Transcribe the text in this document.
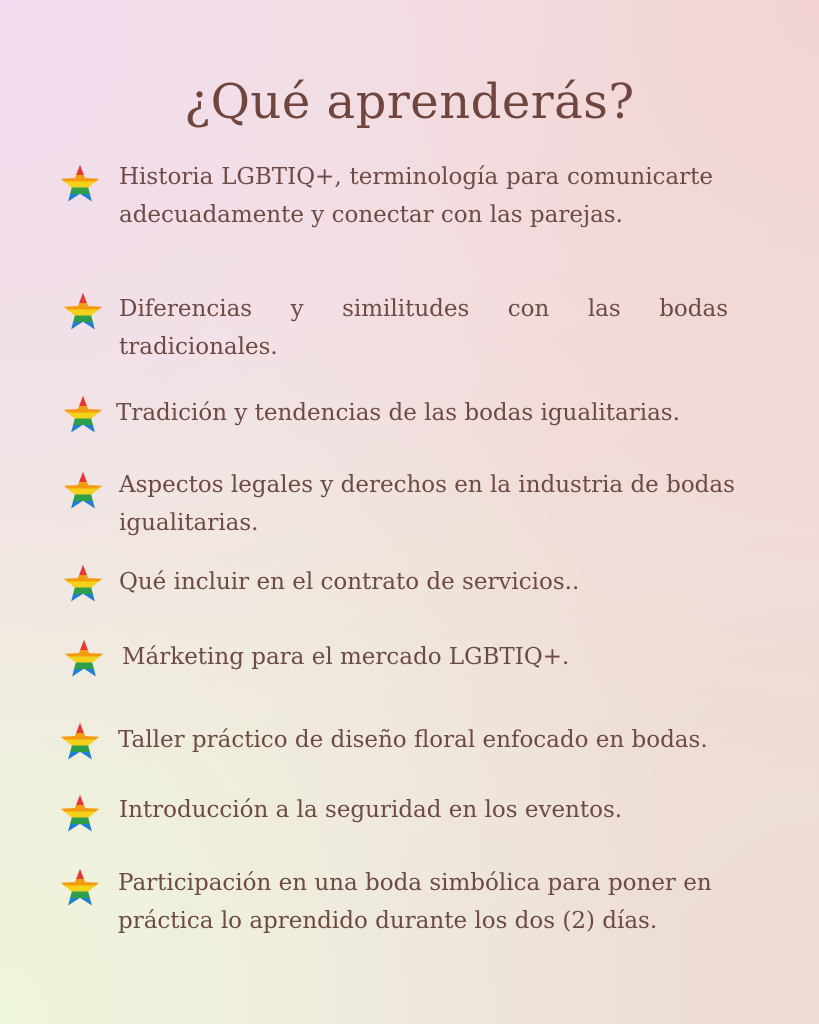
¿Qué aprenderás?
Historia LGBTIQ+, terminología para comunicarte adecuadamente y conectar con las parejas.
Diferencias y similitudes con las bodas tradicionales.
Tradición y tendencias de las bodas igualitarias.
Aspectos legales y derechos en la industria de bodas igualitarias.
Qué incluir en el contrato de servicios..
Márketing para el mercado LGBTIQ+.
Taller práctico de diseño floral enfocado en bodas.
Introducción a la seguridad en los eventos.
Participación en una boda simbólica para poner en práctica lo aprendido durante los dos (2) días.
